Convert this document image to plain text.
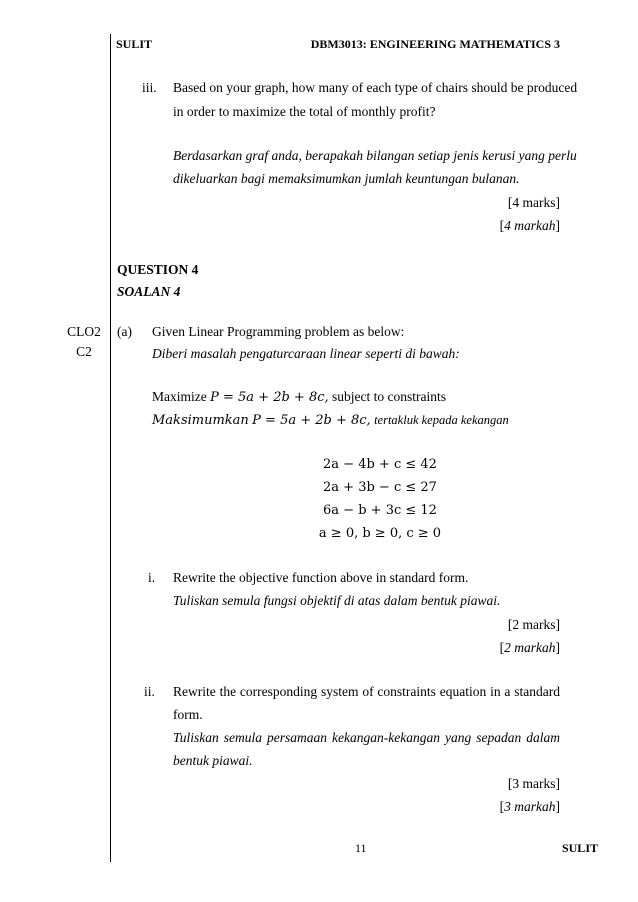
SULIT	DBM3013: ENGINEERING MATHEMATICS 3
iii. Based on your graph, how many of each type of chairs should be produced
in order to maximize the total of monthly profit?
Berdasarkan graf anda, berapakah bilangan setiap jenis kerusi yang perlu
dikeluarkan bagi memaksimumkan jumlah keuntungan bulanan.
[4 marks]
[4 markah]
QUESTION 4
SOALAN 4
CLO2
C2
(a) Given Linear Programming problem as below:
Diberi masalah pengaturcaraan linear seperti di bawah:
Maximize P = 5a + 2b + 8c, subject to constraints
Maksimumkan P = 5a + 2b + 8c, tertakluk kepada kekangan
2a − 4b + c ≤ 42
2a + 3b − c ≤ 27
6a − b + 3c ≤ 12
a ≥ 0, b ≥ 0, c ≥ 0
i. Rewrite the objective function above in standard form.
Tuliskan semula fungsi objektif di atas dalam bentuk piawai.
[2 marks]
[2 markah]
ii. Rewrite the corresponding system of constraints equation in a standard
form.
Tuliskan semula persamaan kekangan-kekangan yang sepadan dalam
bentuk piawai.
[3 marks]
[3 markah]
11	SULIT
